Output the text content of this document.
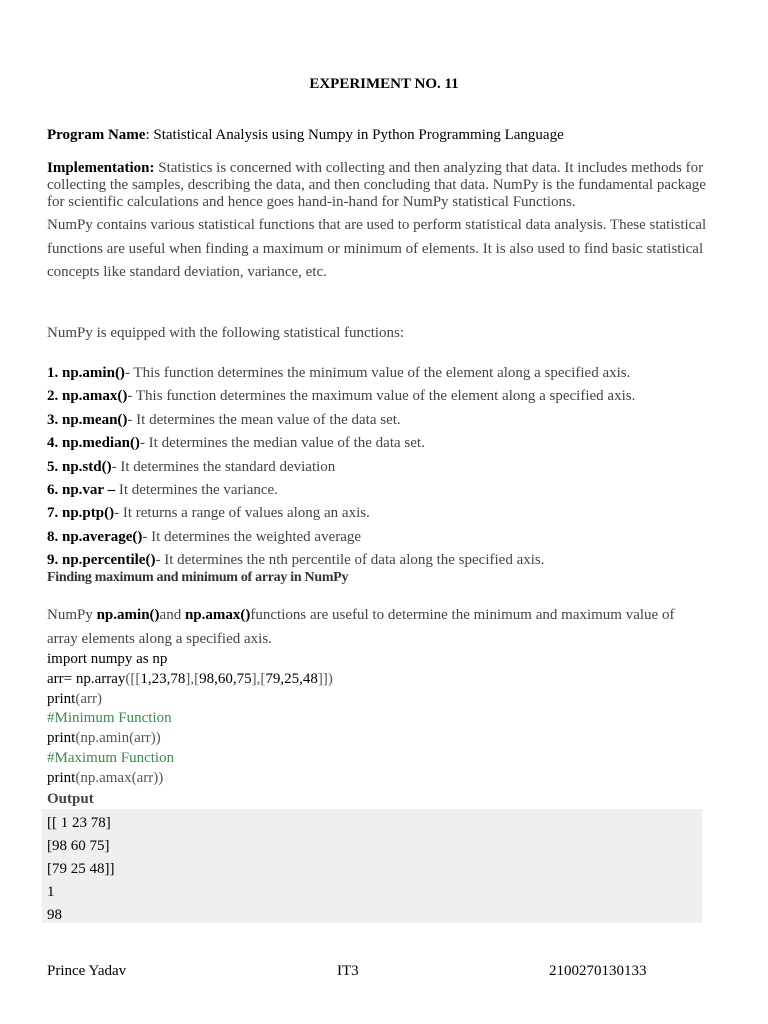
EXPERIMENT NO. 11
Program Name: Statistical Analysis using Numpy in Python Programming Language
Implementation: Statistics is concerned with collecting and then analyzing that data. It includes methods for collecting the samples, describing the data, and then concluding that data. NumPy is the fundamental package for scientific calculations and hence goes hand-in-hand for NumPy statistical Functions.
NumPy contains various statistical functions that are used to perform statistical data analysis. These statistical functions are useful when finding a maximum or minimum of elements. It is also used to find basic statistical concepts like standard deviation, variance, etc.
NumPy is equipped with the following statistical functions:
1. np.amin()- This function determines the minimum value of the element along a specified axis.
2. np.amax()- This function determines the maximum value of the element along a specified axis.
3. np.mean()- It determines the mean value of the data set.
4. np.median()- It determines the median value of the data set.
5. np.std()- It determines the standard deviation
6. np.var – It determines the variance.
7. np.ptp()- It returns a range of values along an axis.
8. np.average()- It determines the weighted average
9. np.percentile()- It determines the nth percentile of data along the specified axis.
Finding maximum and minimum of array in NumPy
NumPy np.amin()and np.amax()functions are useful to determine the minimum and maximum value of array elements along a specified axis.
import numpy as np
arr= np.array([[1,23,78],[98,60,75],[79,25,48]])
print(arr)
#Minimum Function
print(np.amin(arr))
#Maximum Function
print(np.amax(arr))
Output
[[ 1 23 78]
[98 60 75]
[79 25 48]]
1
98
Prince Yadav	IT3	2100270130133
